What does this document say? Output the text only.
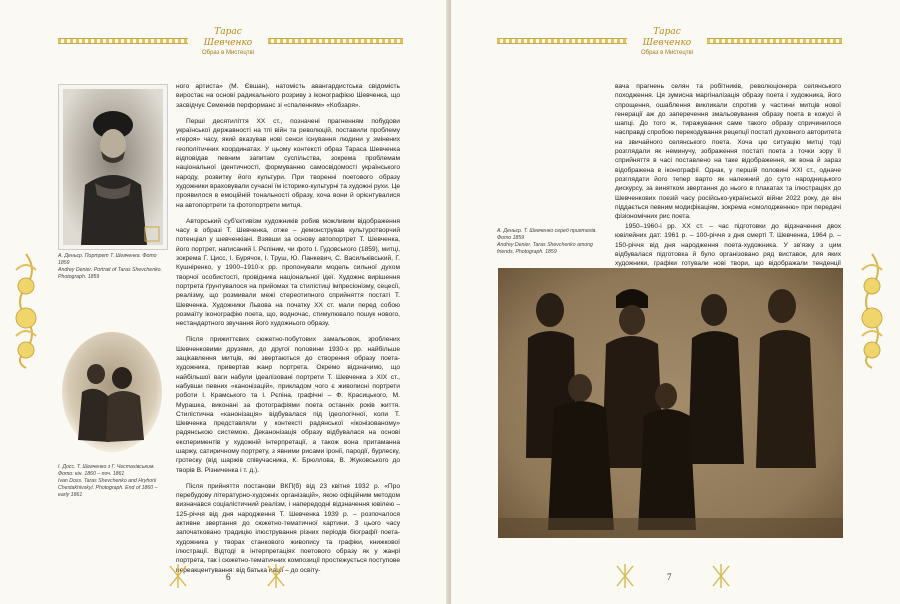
Тарас Шевченко
Образ в Мистецтві
А. Деньєр. Портрет Т. Шевченка. Фото 1859
Andrey Denier. Portrait of Taras Shevchenko. Photograph. 1859
І. Досс. Т. Шевченко з Г. Честахівським. Фото: кін. 1860 – поч. 1861
Ivan Doss. Taras Shevchenko and Hryhorii Chestakhivskyi. Photograph. End of 1860 – early 1861

ного артиста» (М. Євшан), натомість авангардистська свідомість виростає на основі радикального розриву з іконографією Шевченка, що засвідчує Семенків перформанс зі «спаленням» «Кобзаря».

Перші десятиліття ХХ ст., позначені прагненням побудови української державності на тлі війн та революцій, поставили проблему «героя» часу, який вказував нові сенси існування людини у змінених геополітичних координатах. У цьому контексті образ Тараса Шевченка відповідав певним запитам суспільства, зокрема проблемам національної ідентичності, формуванню самосвідомості українського народу, розвитку його культури. При творенні поетового образу художники враховували сучасні їм історико-культурні та художні рухи. Це проявилося в емоційній тональності образу, хоча вони й орієнтувалися на автопортрети та фотопортрети митця.

Авторський суб'єктивізм художників робив можливим відображення часу в образі Т. Шевченка, отже – демонстрував культуротворчий потенціал у шевченкіані. Взявши за основу автопортрет Т. Шевченка, його портрет, написаний І. Рєпіним, чи фото І. Гудовського (1859), митці, зокрема Г. Цисс, І. Бурячок, І. Труш, Ю. Панкевич, С. Васильківський, Г. Кушнірeнко, у 1900–1910-х рр. пропонували модель сильної духом творчої особистості, провідника національної ідеї. Художнє вирішення портрета ґрунтувалося на прийомах та стилістиці імпресіонізму, сецесії, реалізму, що розмивали межі стереотипного сприйняття постаті Т. Шевченка. Художники Львова на початку ХХ ст. мали перед собою розмаїту іконографію поета, що, водночас, стимулювало пошук нового, нестандартного звучання його художнього образу.

Після прижиттєвих сюжетно-побутових замальовок, зроблених Шевченковими друзями, до другої половини 1930-х рр. найбільше зацікавлення митців, які звертаються до створення образу поета-художника, привертав жанр портрета. Окремо відзначимо, що найбільшої ваги набули ідеалізовані портрети Т. Шевченка з ХІХ ст., набувши певних «канонізацій», прикладом чого є живописні портрети роботи І. Крамського та І. Рєпіна, графічні – Ф. Красицького, М. Мурашка, виконані за фотографіями поета останніх років життя. Стилістична «канонізація» відбувалася під ідеологічної, коли Т. Шевченка представляли у контексті радянської «іконізованому» радянською системою. Деканонізація образу відбувалася на основі експериментів у художній інтерпретації, а також вона притаманна шаржу, сатиричному портрету, з явними рисами іронії, пародії, бурлеску, гротеску (від шаржів співучасника, К. Брюллова, В. Жуковського до творів В. Різниченка і т. д.).

Після прийняття постанови ВКП(б) від 23 квітня 1932 р. «Про перебудову літературно-художніх організацій», якою офіційним методом визначався соціалістичний реалізм, і напередодні відзначення ювілею – 125-річчя від дня народження Т. Шевченка 1939 р. – розпочалося активне звертання до сюжетно-тематичної картини. З цього часу започатковано традицію ілюстрування різних періодів біографії поета-художника у творах станкового живопису та графіки, книжкової ілюстрації. Відтоді в інтерпретаціях поетового образу як у жанрі портрета, так і сюжетно-тематичних композиції простежується поступове переакцентування: від батька нації – до освіту-

6
Тарас Шевченко
Образ в Мистецтві

вача прагнень селян та робітників, революціонера селянського походження. Ця зумисна маргіналізація образу поета і художника, його спрощення, ошаблення викликали спротив у частини митців нової генерації аж до заперечення змальовування образу поета в кожусі й шапці. До того ж, тиражування саме такого образу спричинилося насправді спробою перекодування рецепції постаті духовного авторитета на звичайного селянського поета. Хоча цю ситуацію митці тоді розглядали як неминучу, зображення постаті поета з точки зору її сприйняття в часі поставлено на таке відображення, як вона й зараз відображена в іконографії. Однак, у першій половині ХХІ ст., одначе розглядати його тепер варто як належний до суто народницького дискурсу, за винятком звертання до нього в плакатах та ілюстраціях до Шевченкових поезій часу російсько-української війни 2022 року, де він піддається певним модифікаціям, зокрема «омолодженню» при передачі фізіономічних рис поета.

А. Деньєр. Т. Шевченко серед приятелів. Фото 1859
Andrey Denier. Taras Shevchenko among friends. Photograph. 1859

1950–1960-і рр. ХХ ст. – час підготовки до відзначення двох ювілейних дат: 1961 р. – 100-річчя з дня смерті Т. Шевченка, 1964 р. – 150-річчя від дня народження поета-художника. У зв'язку з цим відбувалася підготовка й було організовано ряд виставок, для яких художники, графіки готували нові твори, що відображали тенденції

7
